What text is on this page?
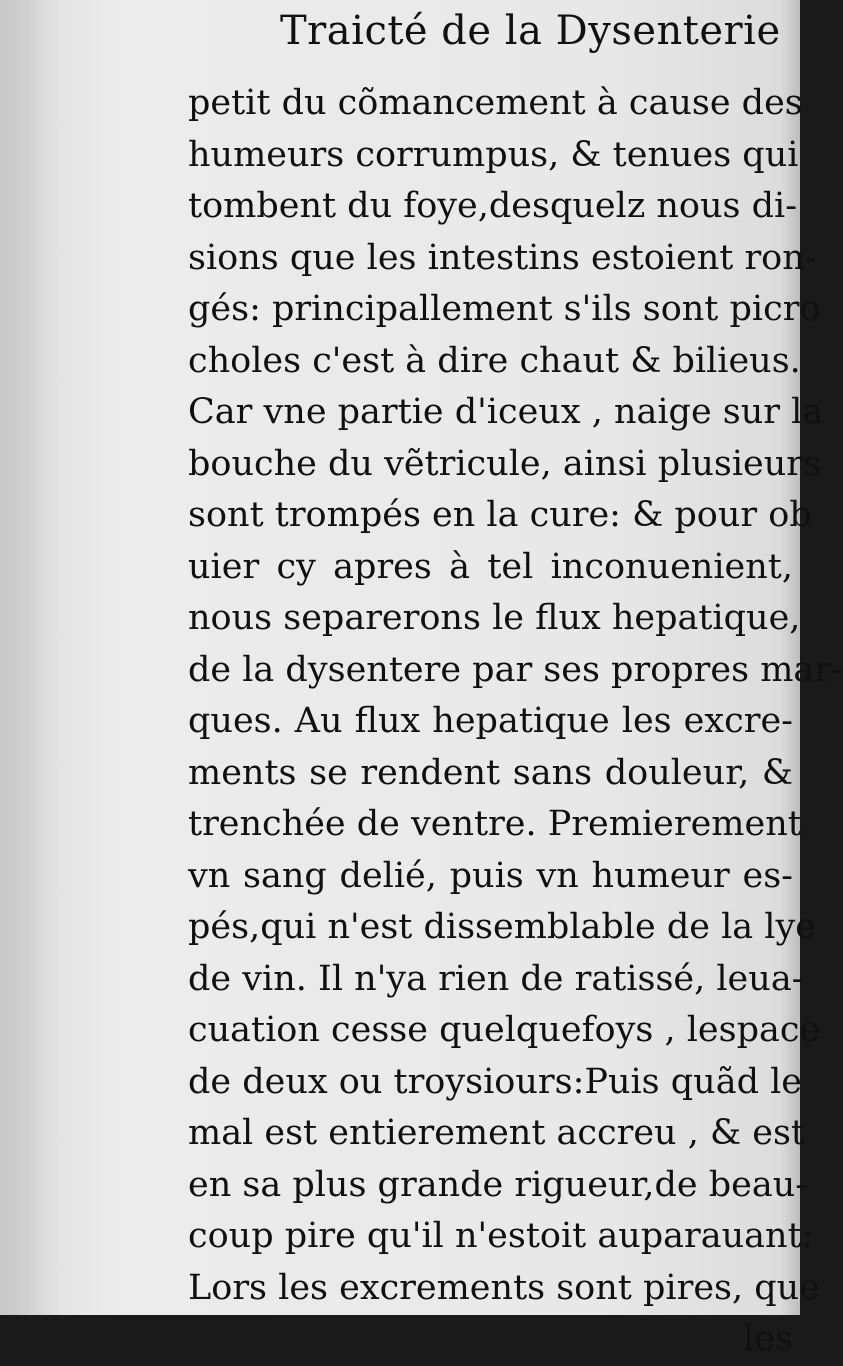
Traicté de la Dysenterie
petit du cõmancement à cause des
humeurs corrumpus, & tenues qui
tombent du foye,desquelz nous di-
sions que les intestins estoient ron-
gés: principallement s'ils sont picro
choles c'est à dire chaut & bilieus.
Car vne partie d'iceux , naige sur la
bouche du vẽtricule, ainsi plusieurs
sont trompés en la cure: & pour ob
uier cy apres à tel inconuenient,
nous separerons le flux hepatique,
de la dysentere par ses propres mar-
ques. Au flux hepatique les excre-
ments se rendent sans douleur, &
trenchée de ventre. Premierement
vn sang delié, puis vn humeur es-
pés,qui n'est dissemblable de la lye
de vin. Il n'ya rien de ratissé, leua-
cuation cesse quelquefoys , lespace
de deux ou troysiours:Puis quãd le
mal est entierement accreu , & est
en sa plus grande rigueur,de beau-
coup pire qu'il n'estoit auparauant:
Lors les excrements sont pires, que
les
